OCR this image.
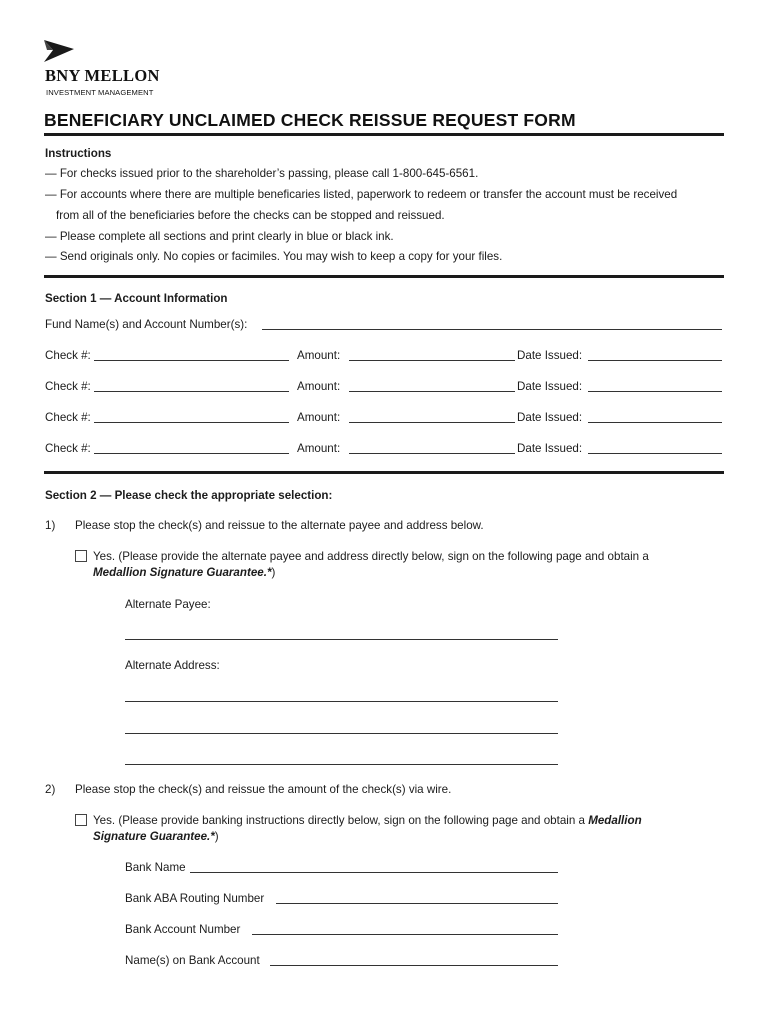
BNY MELLON
INVESTMENT MANAGEMENT
BENEFICIARY UNCLAIMED CHECK REISSUE REQUEST FORM
Instructions
— For checks issued prior to the shareholder’s passing, please call 1-800-645-6561.
— For accounts where there are multiple beneficaries listed, paperwork to redeem or transfer the account must be received
from all of the beneficiaries before the checks can be stopped and reissued.
— Please complete all sections and print clearly in blue or black ink.
— Send originals only. No copies or facimiles. You may wish to keep a copy for your files.
Section 1 — Account Information
Fund Name(s) and Account Number(s):
Check #:	Amount:	Date Issued:
Check #:	Amount:	Date Issued:
Check #:	Amount:	Date Issued:
Check #:	Amount:	Date Issued:
Section 2 — Please check the appropriate selection:
1) Please stop the check(s) and reissue to the alternate payee and address below.
Yes. (Please provide the alternate payee and address directly below, sign on the following page and obtain a
Medallion Signature Guarantee.*)
Alternate Payee:
Alternate Address:
2) Please stop the check(s) and reissue the amount of the check(s) via wire.
Yes. (Please provide banking instructions directly below, sign on the following page and obtain a Medallion
Signature Guarantee.*)
Bank Name
Bank ABA Routing Number
Bank Account Number
Name(s) on Bank Account
